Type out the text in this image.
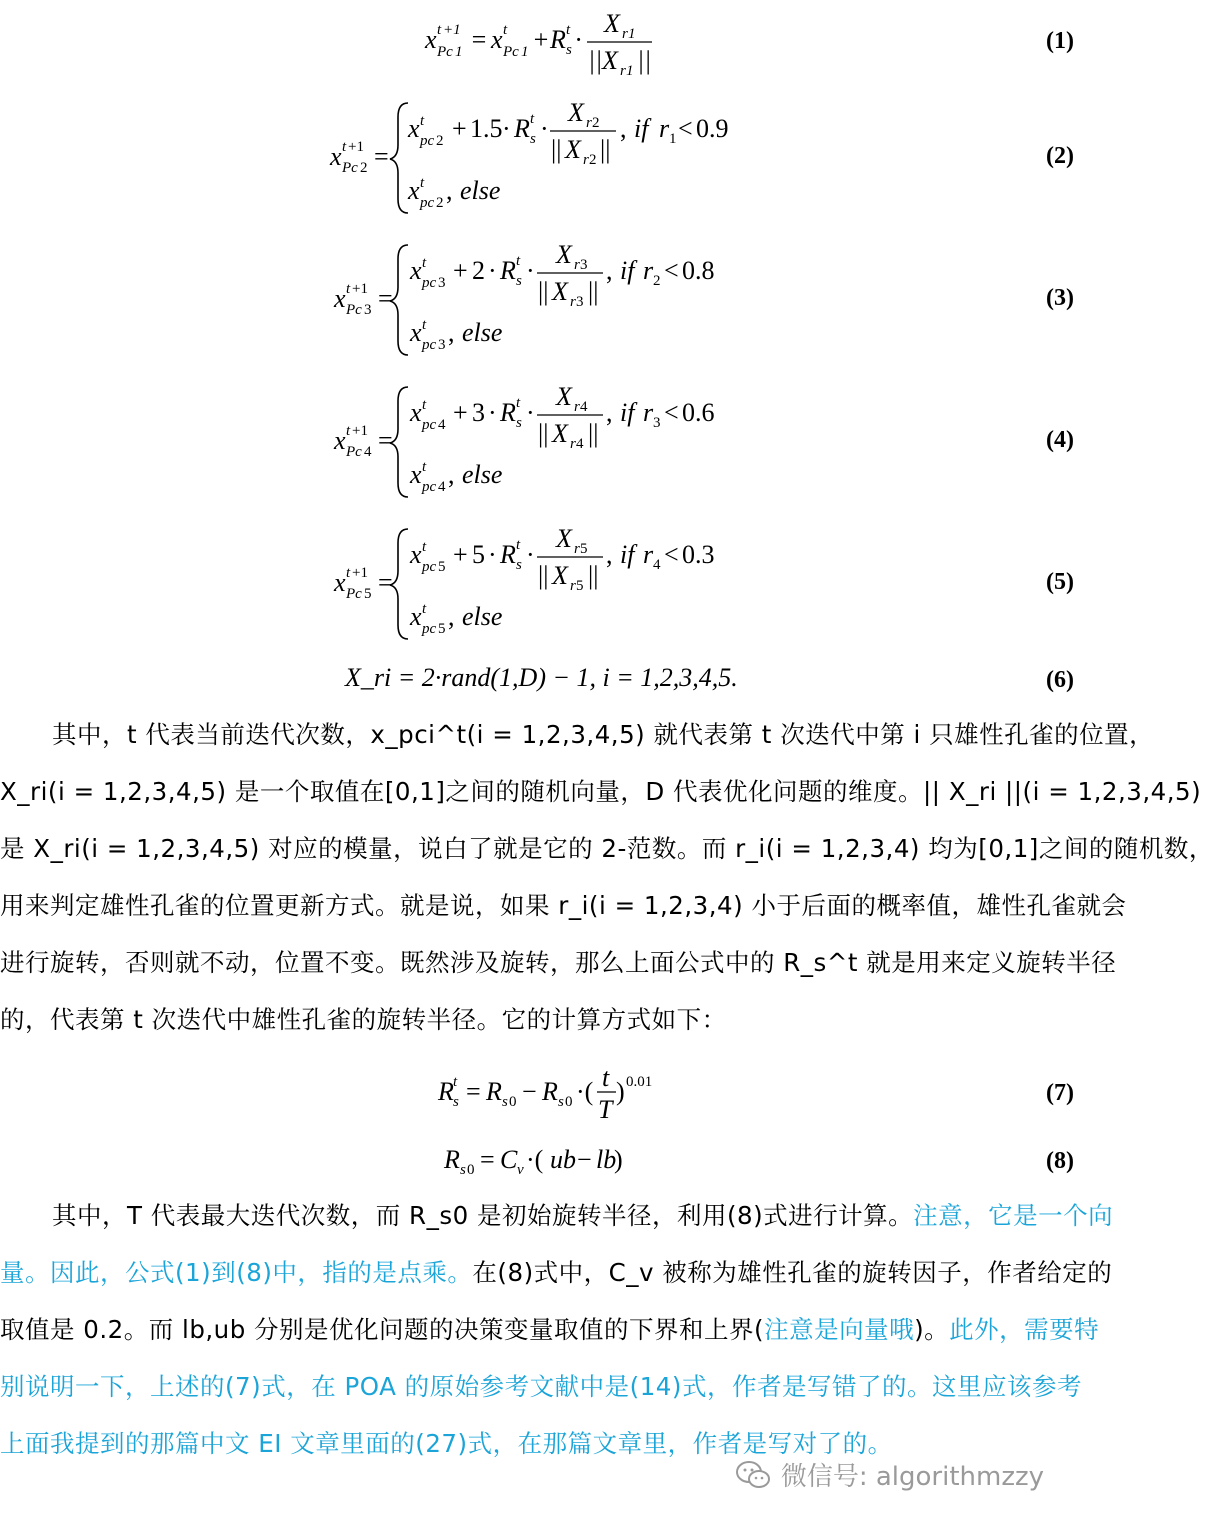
x t +1
Pc 1 = x t
Pc 1 + R t
s ·
X r 1
|| X r 1 ||
(1)
x t +1
Pc 2 =
x t
pc 2 + 1.5 · R t
s ·
X r 2
|| X r 2 ||
, if r 1 < 0.9
x t
pc 2 , else
(2)
x t +1
Pc 3 =
x t
pc 3 + 2 · R t
s ·
X r 3
|| X r 3 ||
, if r 2 < 0.8
x t
pc 3 , else
(3)
x t +1
Pc 4 =
x t
pc 4 + 3 · R t
s ·
X r 4
|| X r 4 ||
, if r 3 < 0.6
x t
pc 4 , else
(4)
x t +1
Pc 5 =
x t
pc 5 + 5 · R t
s ·
X r 5
|| X r 5 ||
, if r 4 < 0.3
x t
pc 5 , else
(5)
X_ri = 2·rand(1,D) − 1, i = 1,2,3,4,5.	(6)
其中，t 代表当前迭代次数，x_pci^t(i = 1,2,3,4,5) 就代表第 t 次迭代中第 i 只雄性孔雀的位置，
X_ri(i = 1,2,3,4,5) 是一个取值在[0,1]之间的随机向量，D 代表优化问题的维度。|| X_ri ||(i = 1,2,3,4,5)
是 X_ri(i = 1,2,3,4,5) 对应的模量，说白了就是它的 2-范数。而 r_i(i = 1,2,3,4) 均为[0,1]之间的随机数，
用来判定雄性孔雀的位置更新方式。就是说，如果 r_i(i = 1,2,3,4) 小于后面的概率值，雄性孔雀就会
进行旋转，否则就不动，位置不变。既然涉及旋转，那么上面公式中的 R_s^t 就是用来定义旋转半径
的，代表第 t 次迭代中雄性孔雀的旋转半径。它的计算方式如下：
R t
s = R s 0 − R s 0 ·( t
T
) 0.01	(7)
R s 0 = C v ·( ub − lb
)	(8)
其中，T 代表最大迭代次数，而 R_s0 是初始旋转半径，利用(8)式进行计算。注意，它是一个向
量。因此，公式(1)到(8)中，指的是点乘。在(8)式中，C_v 被称为雄性孔雀的旋转因子，作者给定的
取值是 0.2。而 lb,ub 分别是优化问题的决策变量取值的下界和上界(注意是向量哦)。此外，需要特
别说明一下，上述的(7)式，在 POA 的原始参考文献中是(14)式，作者是写错了的。这里应该参考
上面我提到的那篇中文 EI 文章里面的(27)式，在那篇文章里，作者是写对了的。
微信号: algorithmzzy
